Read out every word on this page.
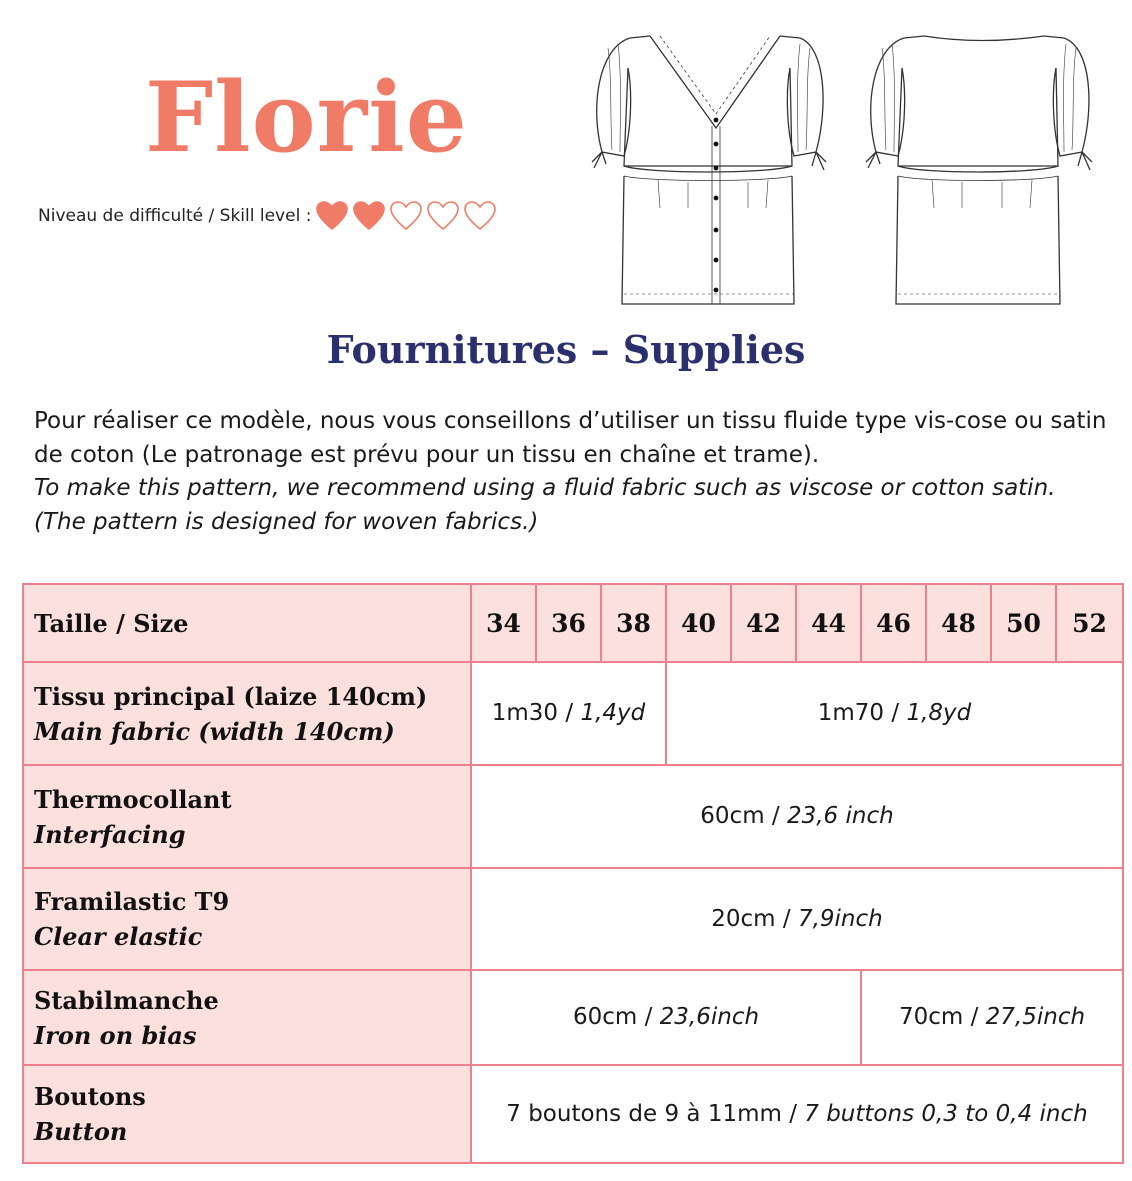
Florie
Niveau de difficulté / Skill level :
Fournitures – Supplies

Pour réaliser ce modèle, nous vous conseillons d’utiliser un tissu fluide type vis-cose ou satin de coton (Le patronage est prévu pour un tissu en chaîne et trame).

To make this pattern, we recommend using a fluid fabric such as viscose or cotton satin. (The pattern is designed for woven fabrics.)

Taille / Size	34	36	38	40	42	44	46	48	50	52

Tissu principal (laize 140cm)
Main fabric (width 140cm)	1m30 / 1,4yd			1m70 / 1,8yd						

Thermocollant
Interfacing	60cm / 23,6 inch									

Framilastic T9
Clear elastic	20cm / 7,9inch									

Stabilmanche
Iron on bias	60cm / 23,6inch						70cm / 27,5inch			

Boutons
Button	7 boutons de 9 à 11mm / 7 buttons 0,3 to 0,4 inch									
